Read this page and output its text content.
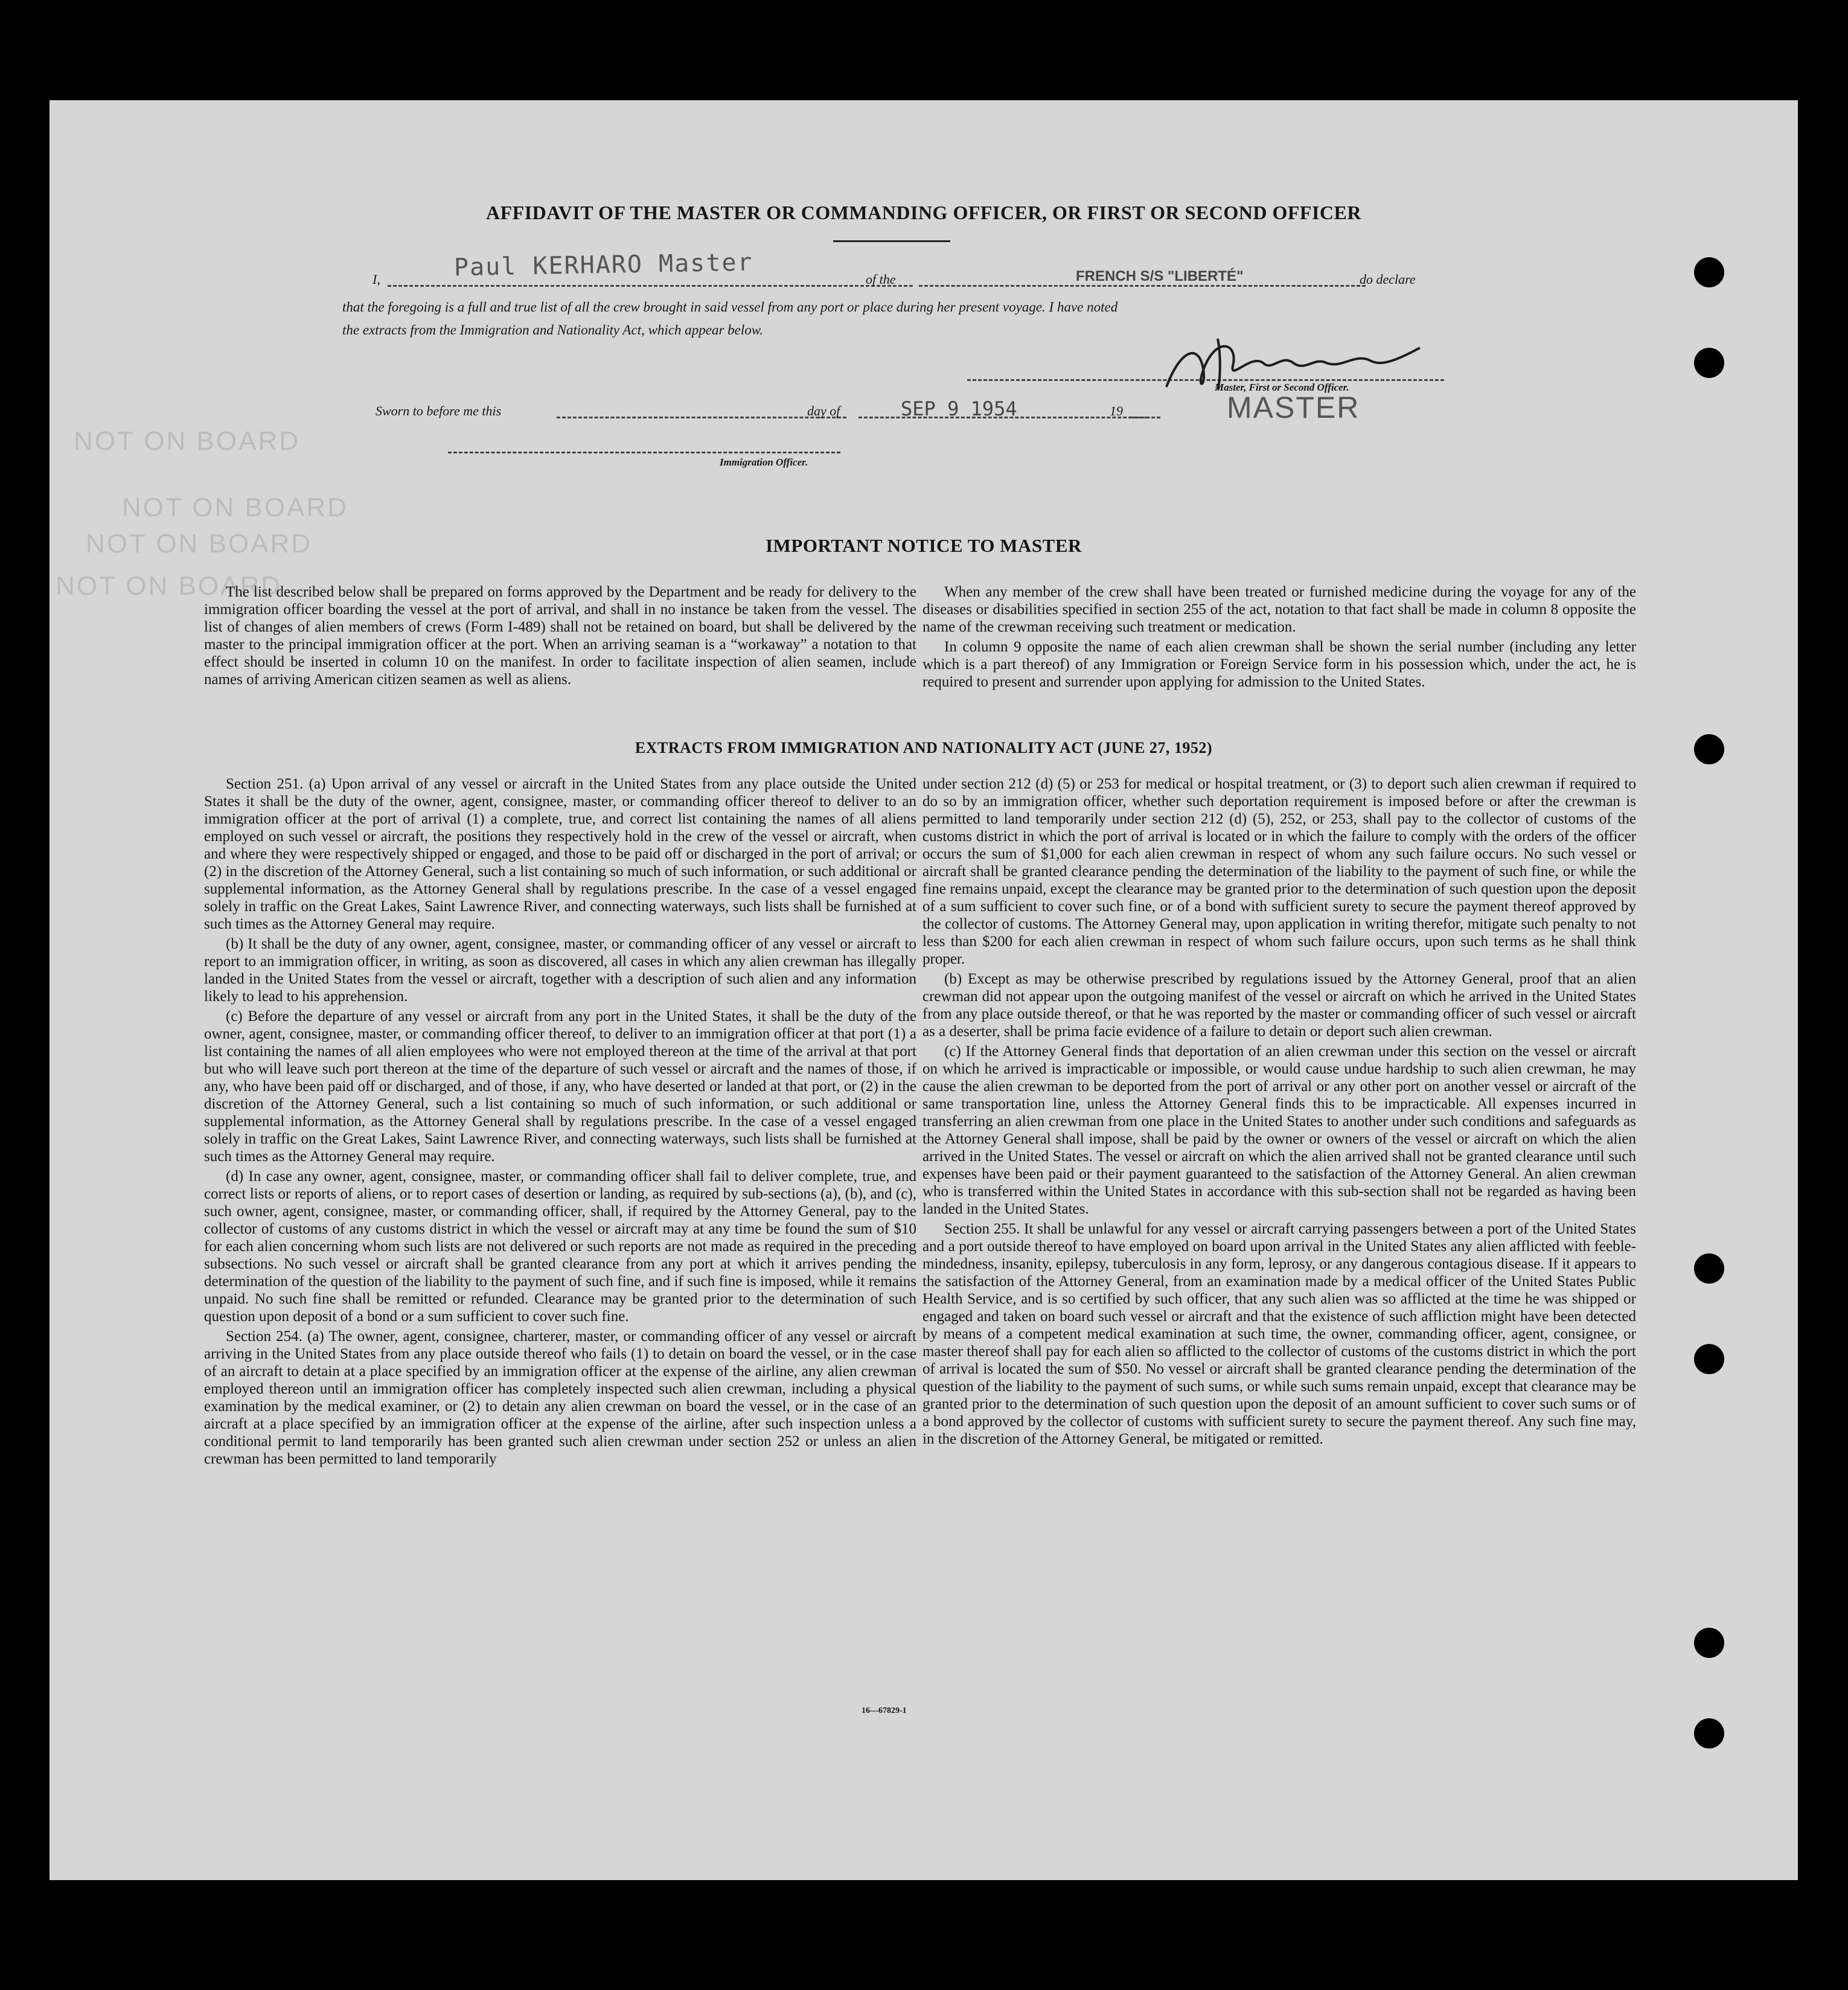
NOT ON BOARD
NOT ON BOARD
NOT ON BOARD
NOT ON BOARD
AFFIDAVIT OF THE MASTER OR COMMANDING OFFICER, OR FIRST OR SECOND OFFICER
I,	Paul KERHARO Master	of the	FRENCH S/S "LIBERTÉ"	do declare
that the foregoing is a full and true list of all the crew brought in said vessel from any port or place during her present voyage. I have noted
the extracts from the Immigration and Nationality Act, which appear below.
Master, First or Second Officer.
MASTER
Sworn to before me this	day of	SEP 9 1954	19
Immigration Officer.
IMPORTANT NOTICE TO MASTER

The list described below shall be prepared on forms approved by the Department and be ready for delivery to the immigration officer boarding the vessel at the port of arrival, and shall in no instance be taken from the vessel. The list of changes of alien members of crews (Form I-489) shall not be retained on board, but shall be delivered by the master to the principal immigration officer at the port. When an arriving seaman is a “workaway” a notation to that effect should be inserted in column 10 on the manifest. In order to facilitate inspection of alien seamen, include names of arriving American citizen seamen as well as aliens.

When any member of the crew shall have been treated or furnished medicine during the voyage for any of the diseases or disabilities specified in section 255 of the act, notation to that fact shall be made in column 8 opposite the name of the crewman receiving such treatment or medication.

In column 9 opposite the name of each alien crewman shall be shown the serial number (including any letter which is a part thereof) of any Immigration or Foreign Service form in his possession which, under the act, he is required to present and surrender upon applying for admission to the United States.

EXTRACTS FROM IMMIGRATION AND NATIONALITY ACT (JUNE 27, 1952)

Section 251. (a) Upon arrival of any vessel or aircraft in the United States from any place outside the United States it shall be the duty of the owner, agent, consignee, master, or commanding officer thereof to deliver to an immigration officer at the port of arrival (1) a complete, true, and correct list containing the names of all aliens employed on such vessel or aircraft, the positions they respectively hold in the crew of the vessel or aircraft, when and where they were respectively shipped or engaged, and those to be paid off or discharged in the port of arrival; or (2) in the discretion of the Attorney General, such a list containing so much of such information, or such additional or supplemental information, as the Attorney General shall by regulations prescribe. In the case of a vessel engaged solely in traffic on the Great Lakes, Saint Lawrence River, and connecting waterways, such lists shall be furnished at such times as the Attorney General may require.

(b) It shall be the duty of any owner, agent, consignee, master, or commanding officer of any vessel or aircraft to report to an immigration officer, in writing, as soon as discovered, all cases in which any alien crewman has illegally landed in the United States from the vessel or aircraft, together with a description of such alien and any information likely to lead to his apprehension.

(c) Before the departure of any vessel or aircraft from any port in the United States, it shall be the duty of the owner, agent, consignee, master, or commanding officer thereof, to deliver to an immigration officer at that port (1) a list containing the names of all alien employees who were not employed thereon at the time of the arrival at that port but who will leave such port thereon at the time of the departure of such vessel or aircraft and the names of those, if any, who have been paid off or discharged, and of those, if any, who have deserted or landed at that port, or (2) in the discretion of the Attorney General, such a list containing so much of such information, or such additional or supplemental information, as the Attorney General shall by regulations prescribe. In the case of a vessel engaged solely in traffic on the Great Lakes, Saint Lawrence River, and connecting waterways, such lists shall be furnished at such times as the Attorney General may require.

(d) In case any owner, agent, consignee, master, or commanding officer shall fail to deliver complete, true, and correct lists or reports of aliens, or to report cases of desertion or landing, as required by sub-sections (a), (b), and (c), such owner, agent, consignee, master, or commanding officer, shall, if required by the Attorney General, pay to the collector of customs of any customs district in which the vessel or aircraft may at any time be found the sum of $10 for each alien concerning whom such lists are not delivered or such reports are not made as required in the preceding subsections. No such vessel or aircraft shall be granted clearance from any port at which it arrives pending the determination of the question of the liability to the payment of such fine, and if such fine is imposed, while it remains unpaid. No such fine shall be remitted or refunded. Clearance may be granted prior to the determination of such question upon deposit of a bond or a sum sufficient to cover such fine.

Section 254. (a) The owner, agent, consignee, charterer, master, or commanding officer of any vessel or aircraft arriving in the United States from any place outside thereof who fails (1) to detain on board the vessel, or in the case of an aircraft to detain at a place specified by an immigration officer at the expense of the airline, any alien crewman employed thereon until an immigration officer has completely inspected such alien crewman, including a physical examination by the medical examiner, or (2) to detain any alien crewman on board the vessel, or in the case of an aircraft at a place specified by an immigration officer at the expense of the airline, after such inspection unless a conditional permit to land temporarily has been granted such alien crewman under section 252 or unless an alien crewman has been permitted to land temporarily

under section 212 (d) (5) or 253 for medical or hospital treatment, or (3) to deport such alien crewman if required to do so by an immigration officer, whether such deportation requirement is imposed before or after the crewman is permitted to land temporarily under section 212 (d) (5), 252, or 253, shall pay to the collector of customs of the customs district in which the port of arrival is located or in which the failure to comply with the orders of the officer occurs the sum of $1,000 for each alien crewman in respect of whom any such failure occurs. No such vessel or aircraft shall be granted clearance pending the determination of the liability to the payment of such fine, or while the fine remains unpaid, except the clearance may be granted prior to the determination of such question upon the deposit of a sum sufficient to cover such fine, or of a bond with sufficient surety to secure the payment thereof approved by the collector of customs. The Attorney General may, upon application in writing therefor, mitigate such penalty to not less than $200 for each alien crewman in respect of whom such failure occurs, upon such terms as he shall think proper.

(b) Except as may be otherwise prescribed by regulations issued by the Attorney General, proof that an alien crewman did not appear upon the outgoing manifest of the vessel or aircraft on which he arrived in the United States from any place outside thereof, or that he was reported by the master or commanding officer of such vessel or aircraft as a deserter, shall be prima facie evidence of a failure to detain or deport such alien crewman.

(c) If the Attorney General finds that deportation of an alien crewman under this section on the vessel or aircraft on which he arrived is impracticable or impossible, or would cause undue hardship to such alien crewman, he may cause the alien crewman to be deported from the port of arrival or any other port on another vessel or aircraft of the same transportation line, unless the Attorney General finds this to be impracticable. All expenses incurred in transferring an alien crewman from one place in the United States to another under such conditions and safeguards as the Attorney General shall impose, shall be paid by the owner or owners of the vessel or aircraft on which the alien arrived in the United States. The vessel or aircraft on which the alien arrived shall not be granted clearance until such expenses have been paid or their payment guaranteed to the satisfaction of the Attorney General. An alien crewman who is transferred within the United States in accordance with this sub-section shall not be regarded as having been landed in the United States.

Section 255. It shall be unlawful for any vessel or aircraft carrying passengers between a port of the United States and a port outside thereof to have employed on board upon arrival in the United States any alien afflicted with feeble-mindedness, insanity, epilepsy, tuberculosis in any form, leprosy, or any dangerous contagious disease. If it appears to the satisfaction of the Attorney General, from an examination made by a medical officer of the United States Public Health Service, and is so certified by such officer, that any such alien was so afflicted at the time he was shipped or engaged and taken on board such vessel or aircraft and that the existence of such affliction might have been detected by means of a competent medical examination at such time, the owner, commanding officer, agent, consignee, or master thereof shall pay for each alien so afflicted to the collector of customs of the customs district in which the port of arrival is located the sum of $50. No vessel or aircraft shall be granted clearance pending the determination of the question of the liability to the payment of such sums, or while such sums remain unpaid, except that clearance may be granted prior to the determination of such question upon the deposit of an amount sufficient to cover such sums or of a bond approved by the collector of customs with sufficient surety to secure the payment thereof. Any such fine may, in the discretion of the Attorney General, be mitigated or remitted.

16—67829-1
